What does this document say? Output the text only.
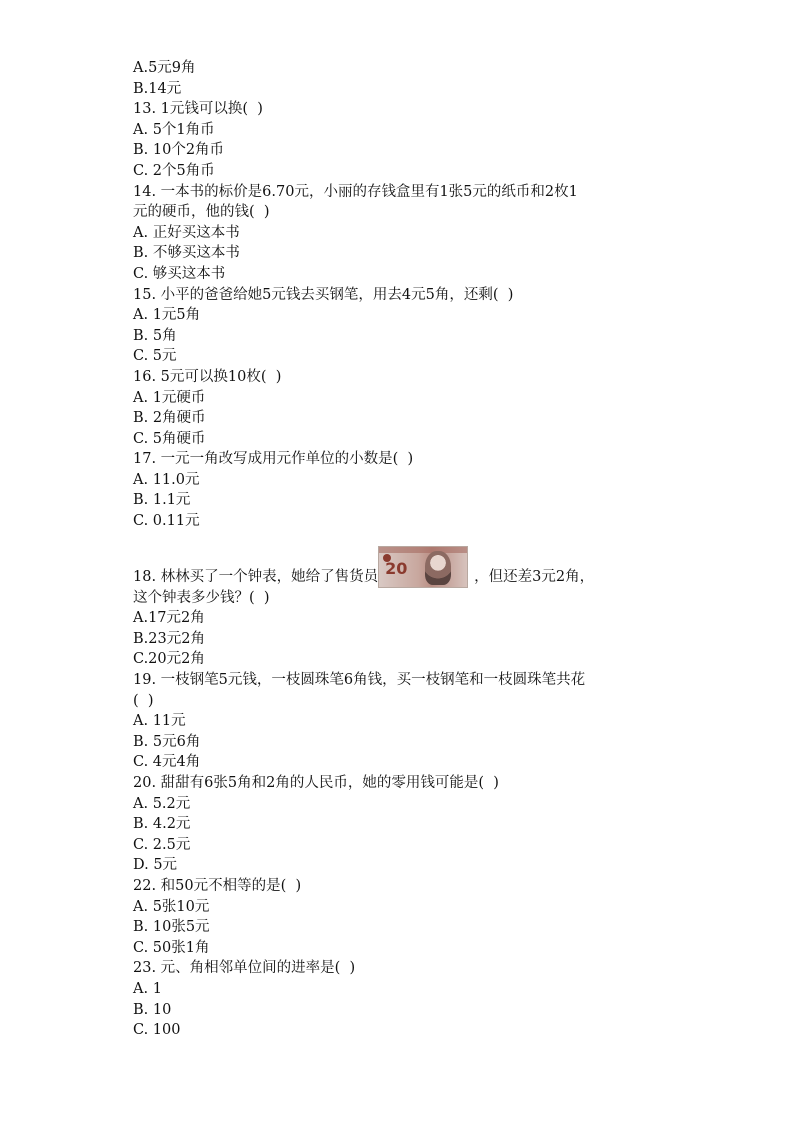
A.5元9角
B.14元
13. 1元钱可以换(  )
A. 5个1角币
B. 10个2角币
C. 2个5角币
14. 一本书的标价是6.70元，小丽的存钱盒里有1张5元的纸币和2枚1
元的硬币，他的钱(  )
A. 正好买这本书
B. 不够买这本书
C. 够买这本书
15. 小平的爸爸给她5元钱去买钢笔，用去4元5角，还剩(  )
A. 1元5角
B. 5角
C. 5元
16. 5元可以换10枚(  )
A. 1元硬币
B. 2角硬币
C. 5角硬币
17. 一元一角改写成用元作单位的小数是(  )
A. 11.0元
B. 1.1元
C. 0.11元
18. 林林买了一个钟表，她给了售货员

20

	，但还差3元2角，
这个钟表多少钱？(  )
A.17元2角
B.23元2角
C.20元2角
19. 一枝钢笔5元钱，一枝圆珠笔6角钱，买一枝钢笔和一枝圆珠笔共花
(  )
A. 11元
B. 5元6角
C. 4元4角
20. 甜甜有6张5角和2角的人民币，她的零用钱可能是(  )
A. 5.2元
B. 4.2元
C. 2.5元
D. 5元
22. 和50元不相等的是(  )
A. 5张10元
B. 10张5元
C. 50张1角
23. 元、角相邻单位间的进率是(  )
A. 1
B. 10
C. 100
